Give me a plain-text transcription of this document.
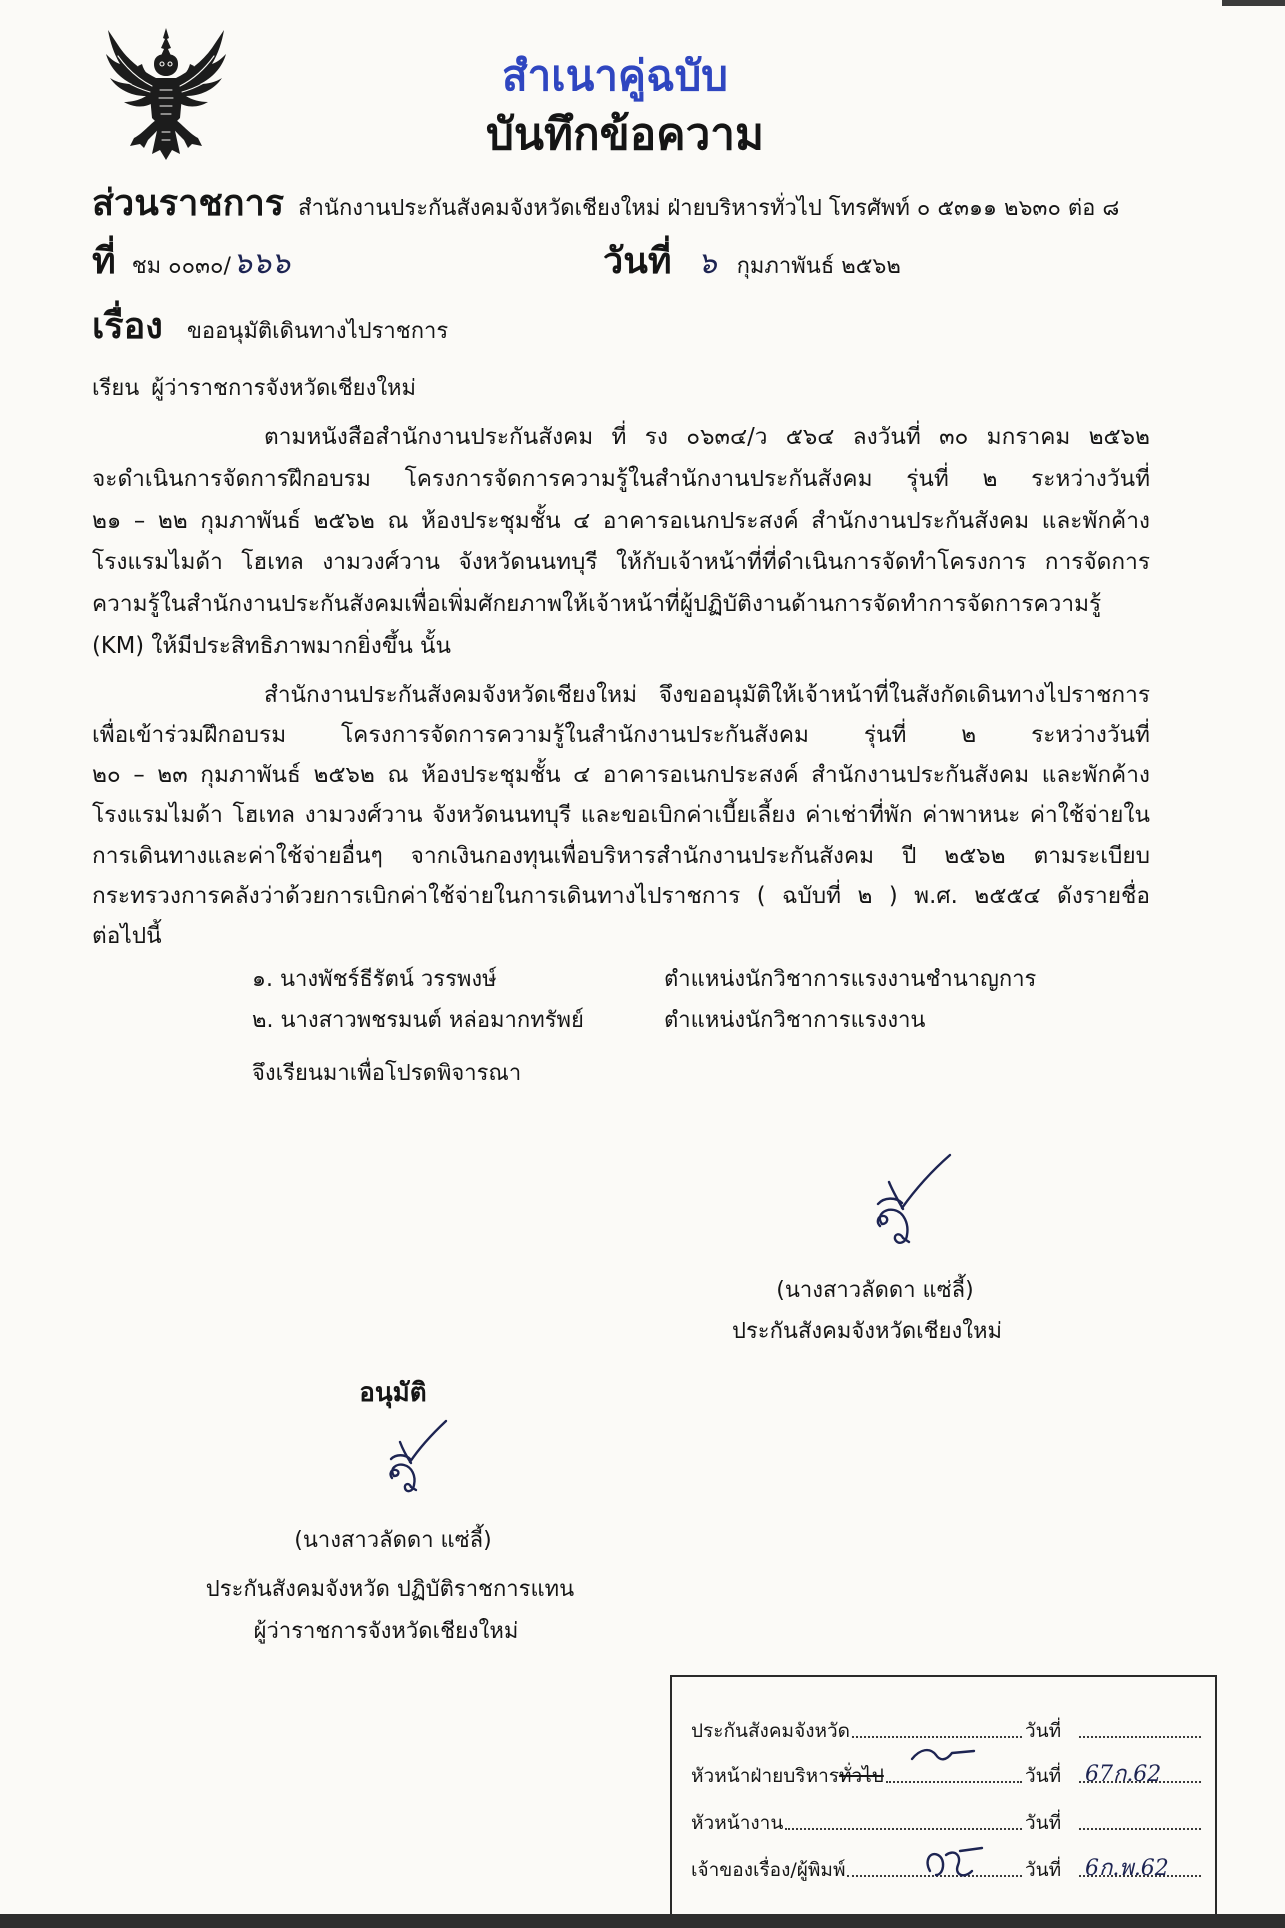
สำเนาคู่ฉบับ
บันทึกข้อความ
ส่วนราชการ สำนักงานประกันสังคมจังหวัดเชียงใหม่ ฝ่ายบริหารทั่วไป โทรศัพท์ ๐ ๕๓๑๑ ๒๖๓๐ ต่อ ๘
ที่ ชม ๐๐๓๐/ ๖๖๖	วันที่ ๖ กุมภาพันธ์ ๒๕๖๒
เรื่อง ขออนุมัติเดินทางไปราชการ
เรียน ผู้ว่าราชการจังหวัดเชียงใหม่
ตามหนังสือสำนักงานประกันสังคม ที่ รง ๐๖๓๔/ว ๕๖๔ ลงวันที่ ๓๐ มกราคม ๒๕๖๒
จะดำเนินการจัดการฝึกอบรม โครงการจัดการความรู้ในสำนักงานประกันสังคม รุ่นที่ ๒ ระหว่างวันที่
๒๑ – ๒๒ กุมภาพันธ์ ๒๕๖๒ ณ ห้องประชุมชั้น ๔ อาคารอเนกประสงค์ สำนักงานประกันสังคม และพักค้าง
โรงแรมไมด้า โฮเทล งามวงศ์วาน จังหวัดนนทบุรี ให้กับเจ้าหน้าที่ที่ดำเนินการจัดทำโครงการ การจัดการ
ความรู้ในสำนักงานประกันสังคมเพื่อเพิ่มศักยภาพให้เจ้าหน้าที่ผู้ปฏิบัติงานด้านการจัดทำการจัดการความรู้
(KM) ให้มีประสิทธิภาพมากยิ่งขึ้น นั้น
สำนักงานประกันสังคมจังหวัดเชียงใหม่ จึงขออนุมัติให้เจ้าหน้าที่ในสังกัดเดินทางไปราชการ
เพื่อเข้าร่วมฝึกอบรม โครงการจัดการความรู้ในสำนักงานประกันสังคม รุ่นที่ ๒ ระหว่างวันที่
๒๐ – ๒๓ กุมภาพันธ์ ๒๕๖๒ ณ ห้องประชุมชั้น ๔ อาคารอเนกประสงค์ สำนักงานประกันสังคม และพักค้าง
โรงแรมไมด้า โฮเทล งามวงศ์วาน จังหวัดนนทบุรี และขอเบิกค่าเบี้ยเลี้ยง ค่าเช่าที่พัก ค่าพาหนะ ค่าใช้จ่ายใน
การเดินทางและค่าใช้จ่ายอื่นๆ จากเงินกองทุนเพื่อบริหารสำนักงานประกันสังคม ปี ๒๕๖๒ ตามระเบียบ
กระทรวงการคลังว่าด้วยการเบิกค่าใช้จ่ายในการเดินทางไปราชการ ( ฉบับที่ ๒ ) พ.ศ. ๒๕๕๔ ดังรายชื่อ
ต่อไปนี้
๑. นางพัชร์ธีรัตน์ วรรพงษ์	ตำแหน่งนักวิชาการแรงงานชำนาญการ
๒. นางสาวพชรมนต์ หล่อมากทรัพย์	ตำแหน่งนักวิชาการแรงงาน
จึงเรียนมาเพื่อโปรดพิจารณา
(นางสาวลัดดา แซ่ลี้)
ประกันสังคมจังหวัดเชียงใหม่
อนุมัติ
(นางสาวลัดดา แซ่ลี้)
ประกันสังคมจังหวัด ปฏิบัติราชการแทน
ผู้ว่าราชการจังหวัดเชียงใหม่
ประกันสังคมจังหวัด	วันที่
หัวหน้าฝ่ายบริหาร ทั่วไป	วันที่	67ก.62
หัวหน้างาน	วันที่
เจ้าของเรื่อง/ผู้พิมพ์	วันที่	6ก.พ.62
